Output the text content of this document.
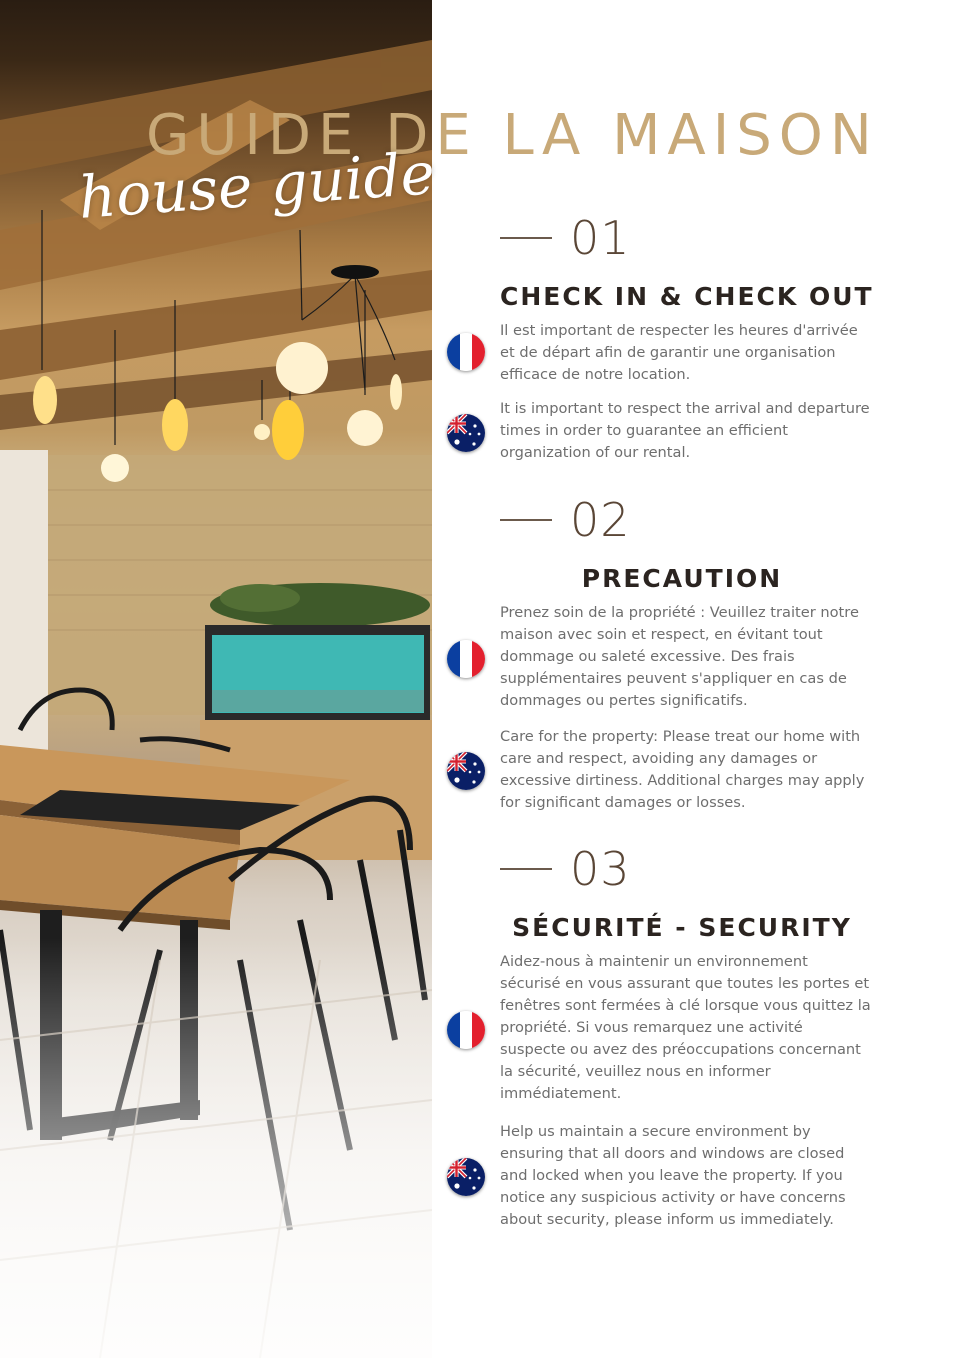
GUIDE DE LA MAISON
house guide
01
CHECK IN & CHECK OUT

Il est important de respecter les heures d'arrivée et de départ afin de garantir une organisation efficace de notre location.

It is important to respect the arrival and departure times in order to guarantee an efficient organization of our rental.

02
PRECAUTION

Prenez soin de la propriété : Veuillez traiter notre maison avec soin et respect, en évitant tout dommage ou saleté excessive. Des frais supplémentaires peuvent s'appliquer en cas de dommages ou pertes significatifs.

Care for the property: Please treat our home with care and respect, avoiding any damages or excessive dirtiness. Additional charges may apply for significant damages or losses.

03
SÉCURITÉ - SECURITY

Aidez-nous à maintenir un environnement sécurisé en vous assurant que toutes les portes et fenêtres sont fermées à clé lorsque vous quittez la propriété. Si vous remarquez une activité suspecte ou avez des préoccupations concernant la sécurité, veuillez nous en informer immédiatement.

Help us maintain a secure environment by ensuring that all doors and windows are closed and locked when you leave the property. If you notice any suspicious activity or have concerns about security, please inform us immediately.
